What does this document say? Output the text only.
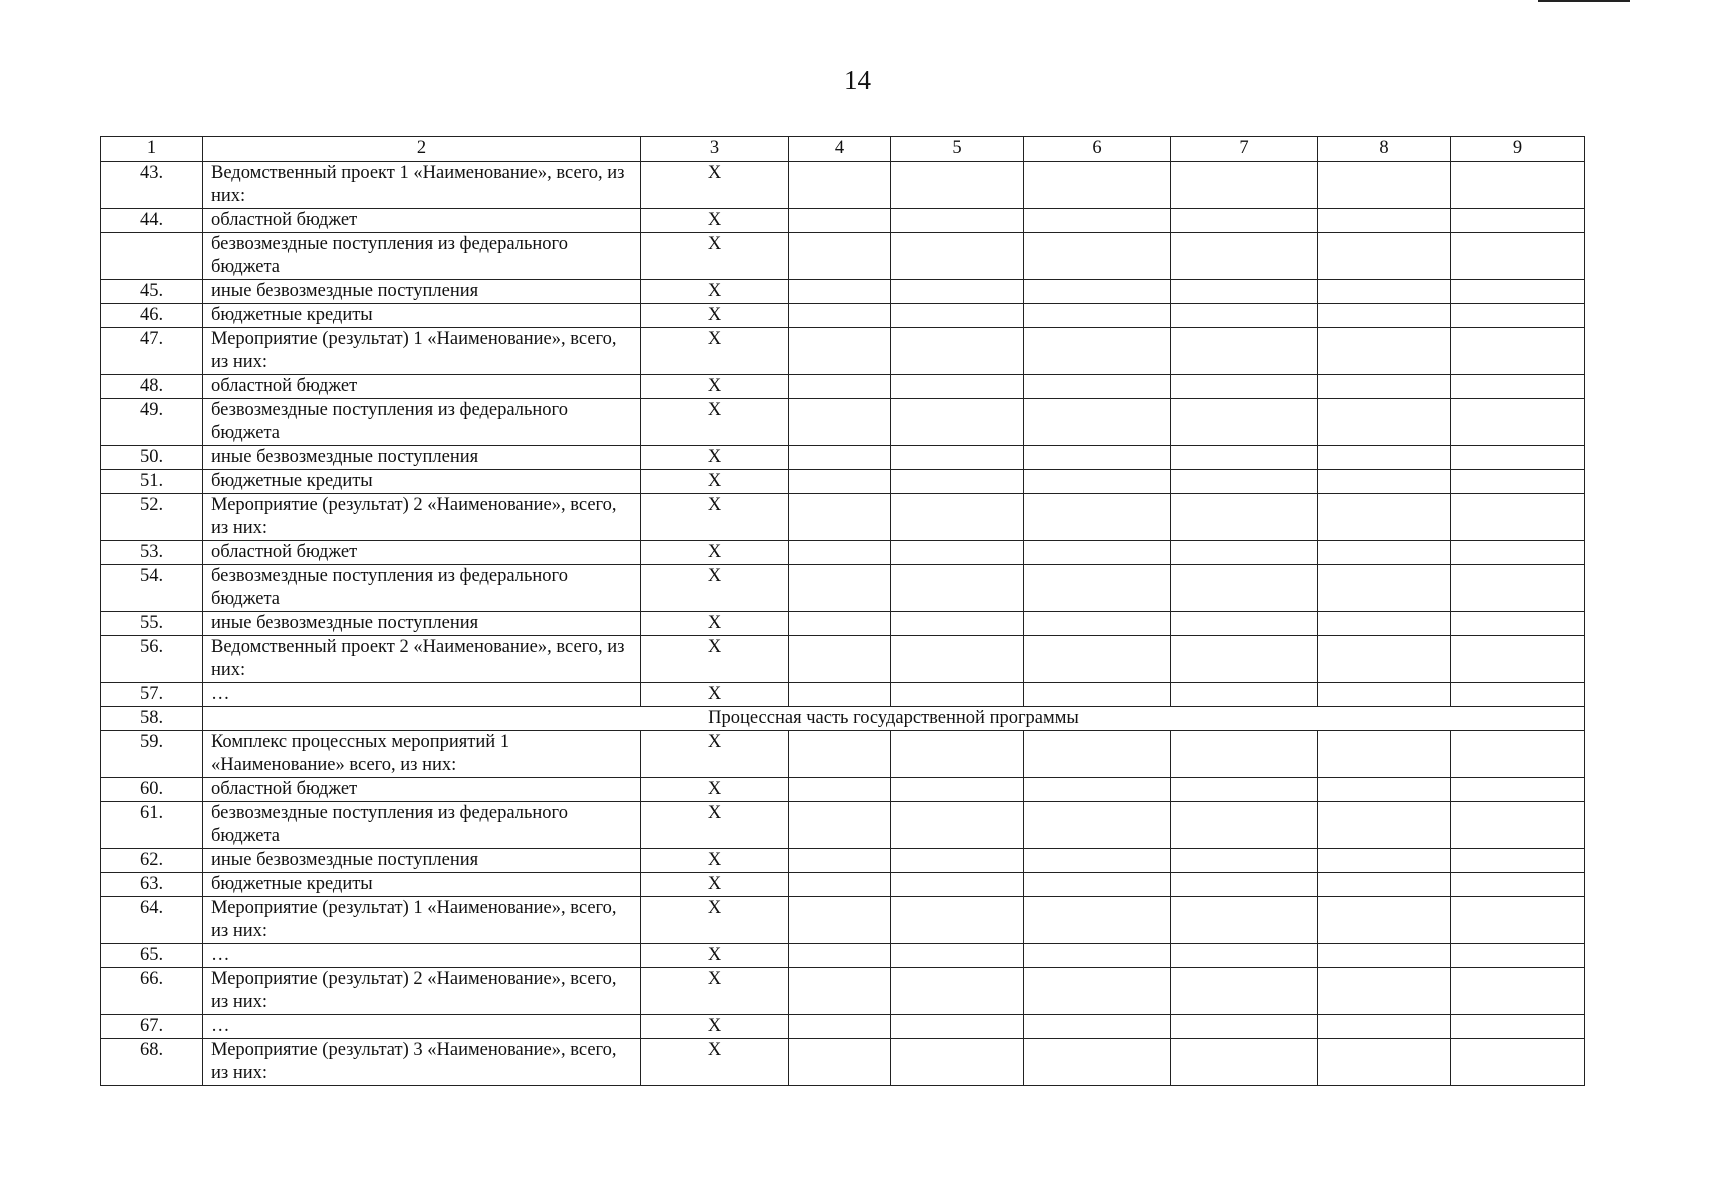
14
1	2	3	4	5	6	7	8	9
43.	Ведомственный проект 1 «Наименование», всего, из них:	Х						
44.	областной бюджет	Х						
	безвозмездные поступления из федерального бюджета	Х						
45.	иные безвозмездные поступления	Х						
46.	бюджетные кредиты	Х						
47.	Мероприятие (результат) 1 «Наименование», всего, из них:	Х						
48.	областной бюджет	Х						
49.	безвозмездные поступления из федерального бюджета	Х						
50.	иные безвозмездные поступления	Х						
51.	бюджетные кредиты	Х						
52.	Мероприятие (результат) 2 «Наименование», всего, из них:	Х						
53.	областной бюджет	Х						
54.	безвозмездные поступления из федерального бюджета	Х						
55.	иные безвозмездные поступления	Х						
56.	Ведомственный проект 2 «Наименование», всего, из них:	Х						
57.	…	Х						
58.	Процессная часть государственной программы							
59.	Комплекс процессных мероприятий 1 «Наименование» всего, из них:	Х						
60.	областной бюджет	Х						
61.	безвозмездные поступления из федерального бюджета	Х						
62.	иные безвозмездные поступления	Х						
63.	бюджетные кредиты	Х						
64.	Мероприятие (результат) 1 «Наименование», всего, из них:	Х						
65.	…	Х						
66.	Мероприятие (результат) 2 «Наименование», всего, из них:	Х						
67.	…	Х						
68.	Мероприятие (результат) 3 «Наименование», всего, из них:	Х						
